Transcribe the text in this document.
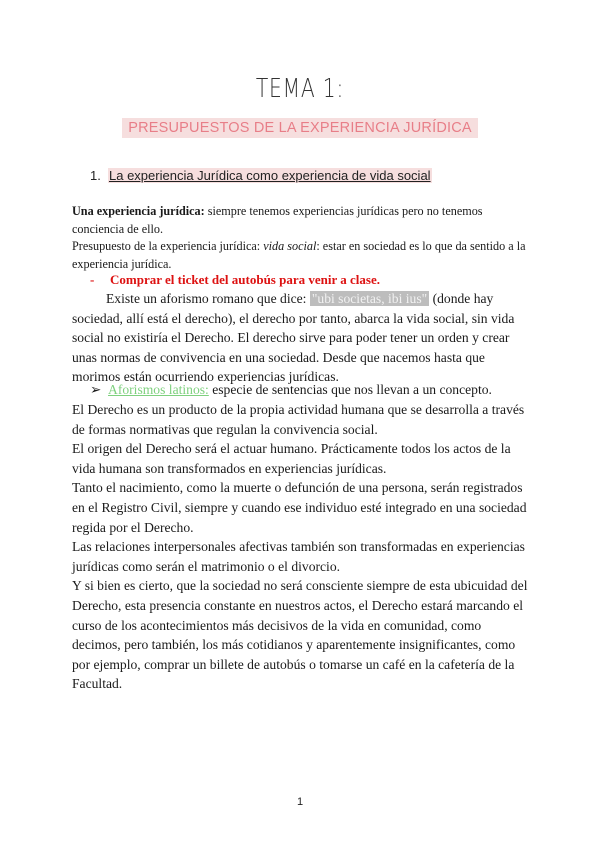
TEMA 1:
PRESUPUESTOS DE LA EXPERIENCIA JURÍDICA
1. La experiencia Jurídica como experiencia de vida social

Una experiencia jurídica: siempre tenemos experiencias jurídicas pero no tenemos conciencia de ello.

Presupuesto de la experiencia jurídica: vida social: estar en sociedad es lo que da sentido a la experiencia jurídica.

- Comprar el ticket del autobús para venir a clase.

Existe un aforismo romano que dice: "ubi societas, ibi ius" (donde hay sociedad, allí está el derecho), el derecho por tanto, abarca la vida social, sin vida social no existiría el Derecho. El derecho sirve para poder tener un orden y crear unas normas de convivencia en una sociedad. Desde que nacemos hasta que morimos están ocurriendo experiencias jurídicas.

➢ Aforismos latinos: especie de sentencias que nos llevan a un concepto.

El Derecho es un producto de la propia actividad humana que se desarrolla a través de formas normativas que regulan la convivencia social.

El origen del Derecho será el actuar humano. Prácticamente todos los actos de la vida humana son transformados en experiencias jurídicas.

Tanto el nacimiento, como la muerte o defunción de una persona, serán registrados en el Registro Civil, siempre y cuando ese individuo esté integrado en una sociedad regida por el Derecho.

Las relaciones interpersonales afectivas también son transformadas en experiencias jurídicas como serán el matrimonio o el divorcio.

Y si bien es cierto, que la sociedad no será consciente siempre de esta ubicuidad del Derecho, esta presencia constante en nuestros actos, el Derecho estará marcando el curso de los acontecimientos más decisivos de la vida en comunidad, como decimos, pero también, los más cotidianos y aparentemente insignificantes, como por ejemplo, comprar un billete de autobús o tomarse un café en la cafetería de la Facultad.

1
